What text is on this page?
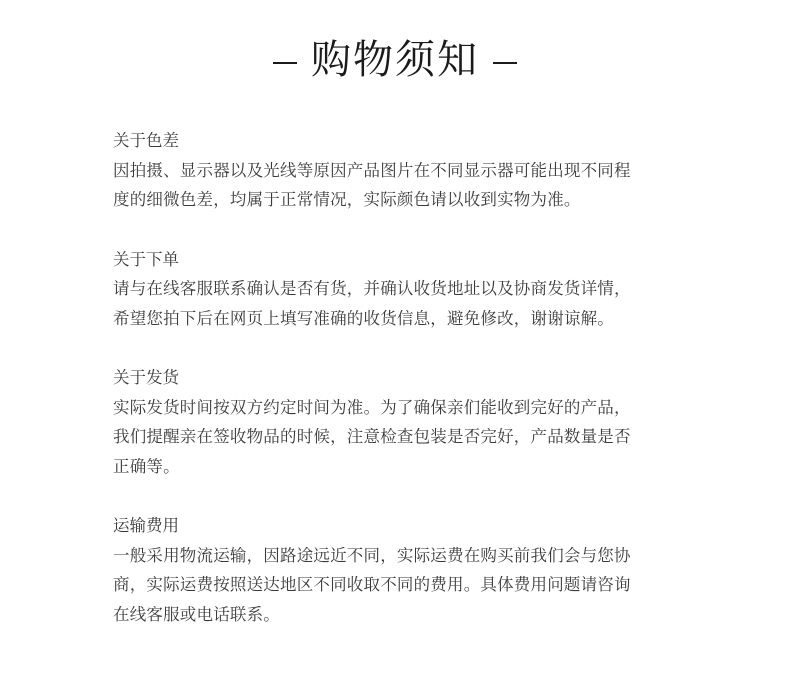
购物须知
关于色差
因拍摄、显示器以及光线等原因产品图片在不同显示器可能出现不同程
度的细微色差，均属于正常情况，实际颜色请以收到实物为准。
关于下单
请与在线客服联系确认是否有货，并确认收货地址以及协商发货详情，
希望您拍下后在网页上填写准确的收货信息，避免修改，谢谢谅解。
关于发货
实际发货时间按双方约定时间为准。为了确保亲们能收到完好的产品，
我们提醒亲在签收物品的时候，注意检查包装是否完好，产品数量是否
正确等。
运输费用
一般采用物流运输，因路途远近不同，实际运费在购买前我们会与您协
商，实际运费按照送达地区不同收取不同的费用。具体费用问题请咨询
在线客服或电话联系。
